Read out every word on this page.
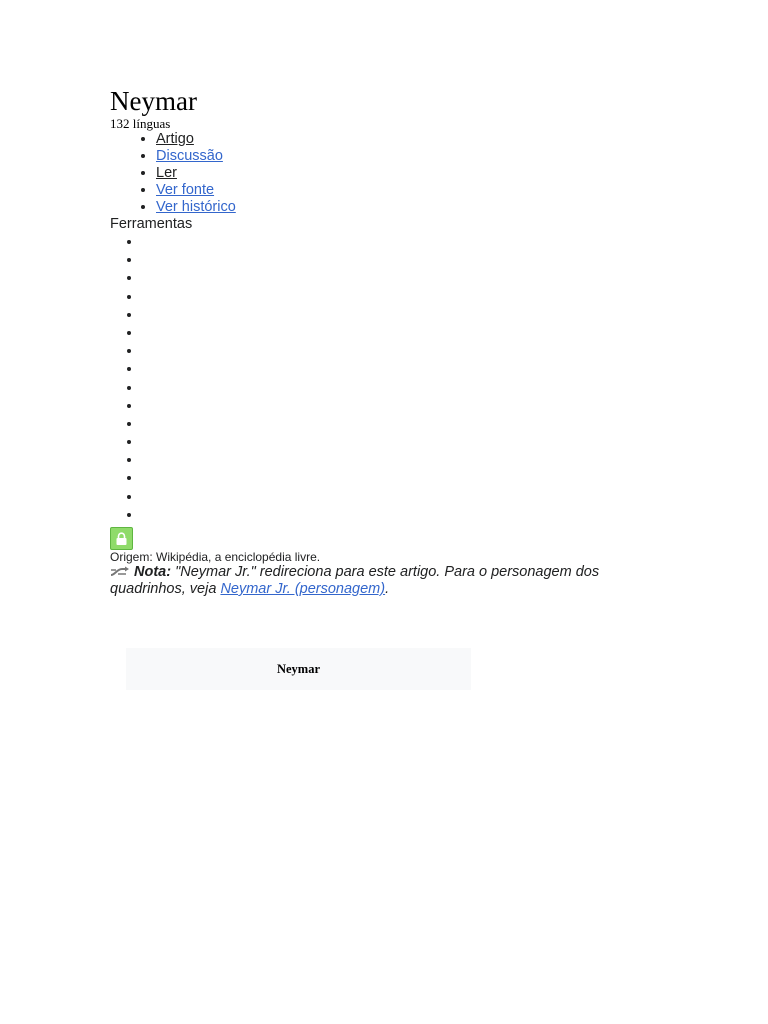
Neymar
132 línguas
• Artigo
• Discussão
• Ler
• Ver fonte
• Ver histórico
Ferramentas
•
•
•
•
•
•
•
•
•
•
•
•
•
•
•
•
Origem: Wikipédia, a enciclopédia livre.

Nota: "Neymar Jr." redireciona para este artigo. Para o personagem dos quadrinhos, veja Neymar Jr. (personagem).

Neymar
